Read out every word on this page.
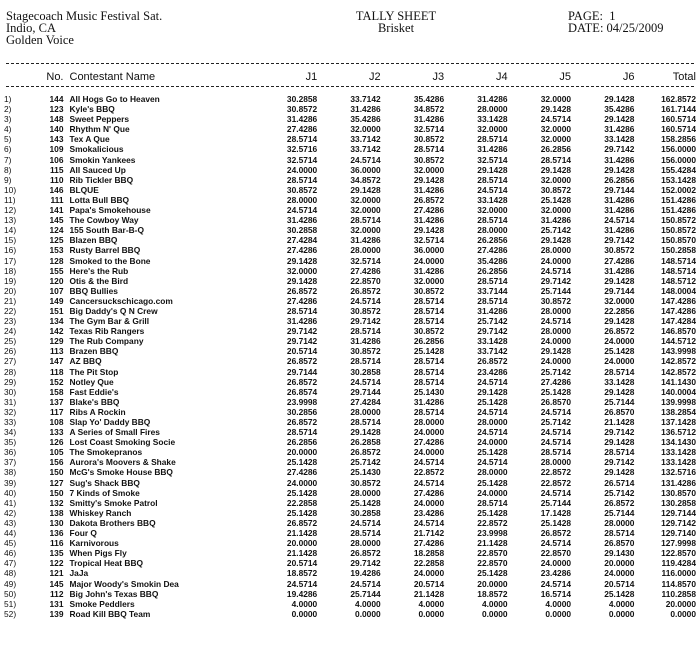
Stagecoach Music Festival Sat.
Indio, CA
Golden Voice
TALLY SHEET
Brisket
PAGE:  1
DATE: 04/25/2009
	No.	Contestant Name	J1	J2	J3	J4	J5	J6	Total

1)	144	All Hogs Go to Heaven	30.2858	33.7142	35.4286	31.4286	32.0000	29.1428	162.8572
2)	123	Kyle's BBQ	30.8572	31.4286	34.8572	28.0000	29.1428	35.4286	161.7144
3)	148	Sweet Peppers	31.4286	35.4286	31.4286	33.1428	24.5714	29.1428	160.5714
4)	140	Rhythm N' Que	27.4286	32.0000	32.5714	32.0000	32.0000	31.4286	160.5714
5)	143	Tex A Que	28.5714	33.7142	30.8572	28.5714	32.0000	33.1428	158.2856
6)	109	Smokalicious	32.5716	33.7142	28.5714	31.4286	26.2856	29.7142	156.0000
7)	106	Smokin Yankees	32.5714	24.5714	30.8572	32.5714	28.5714	31.4286	156.0000
8)	115	All Sauced Up	24.0000	36.0000	32.0000	29.1428	29.1428	29.1428	155.4284
9)	110	Rib Tickler BBQ	28.5714	34.8572	29.1428	28.5714	32.0000	26.2856	153.1428
10)	146	BLQUE	30.8572	29.1428	31.4286	24.5714	30.8572	29.7144	152.0002
11)	111	Lotta Bull BBQ	28.0000	32.0000	26.8572	33.1428	25.1428	31.4286	151.4286
12)	141	Papa's Smokehouse	24.5714	32.0000	27.4286	32.0000	32.0000	31.4286	151.4286
13)	145	The Cowboy Way	31.4286	28.5714	31.4286	28.5714	31.4286	24.5714	150.8572
14)	124	155 South Bar-B-Q	30.2858	32.0000	29.1428	28.0000	25.7142	31.4286	150.8572
15)	125	Blazen BBQ	27.4284	31.4286	32.5714	26.2856	29.1428	29.7142	150.8570
16)	153	Rusty Barrel BBQ	27.4286	28.0000	36.0000	27.4286	28.0000	30.8572	150.2858
17)	128	Smoked to the Bone	29.1428	32.5714	24.0000	35.4286	24.0000	27.4286	148.5714
18)	155	Here's the Rub	32.0000	27.4286	31.4286	26.2856	24.5714	31.4286	148.5714
19)	120	Otis & the Bird	29.1428	22.8570	32.0000	28.5714	29.7142	29.1428	148.5712
20)	107	BBQ Bullies	26.8572	26.8572	30.8572	33.7144	25.7144	29.7144	148.0004
21)	149	Cancersuckschicago.com	27.4286	24.5714	28.5714	28.5714	30.8572	32.0000	147.4286
22)	151	Big Daddy's Q N Crew	28.5714	30.8572	28.5714	31.4286	28.0000	22.2856	147.4286
23)	134	The Gym Bar & Grill	31.4286	29.7142	28.5714	25.7142	24.5714	29.1428	147.4284
24)	142	Texas Rib Rangers	29.7142	28.5714	30.8572	29.7142	28.0000	26.8572	146.8570
25)	129	The Rub Company	29.7142	31.4286	26.2856	33.1428	24.0000	24.0000	144.5712
26)	113	Brazen BBQ	20.5714	30.8572	25.1428	33.7142	29.1428	25.1428	143.9998
27)	147	AZ BBQ	26.8572	28.5714	28.5714	26.8572	24.0000	24.0000	142.8572
28)	118	The Pit Stop	29.7144	30.2858	28.5714	23.4286	25.7142	28.5714	142.8572
29)	152	Notley Que	26.8572	24.5714	28.5714	24.5714	27.4286	33.1428	141.1430
30)	158	Fast Eddie's	26.8574	29.7144	25.1430	29.1428	25.1428	29.1428	140.0004
31)	137	Blake's BBQ	23.9998	27.4284	31.4286	25.1428	26.8570	25.7144	139.9998
32)	117	Ribs A Rockin	30.2856	28.0000	28.5714	24.5714	24.5714	26.8570	138.2854
33)	108	Slap Yo' Daddy BBQ	26.8572	28.5714	28.0000	28.0000	25.7142	21.1428	137.1428
34)	133	A Series of Small Fires	28.5714	29.1428	24.0000	24.5714	24.5714	29.7142	136.5712
35)	126	Lost Coast Smoking Socie	26.2856	26.2858	27.4286	24.0000	24.5714	29.1428	134.1430
36)	105	The Smokepranos	20.0000	26.8572	24.0000	25.1428	28.5714	28.5714	133.1428
37)	156	Aurora's Moovers & Shake	25.1428	25.7142	24.5714	24.5714	28.0000	29.7142	133.1428
38)	150	McG's Smoke House BBQ	27.4286	25.1430	22.8572	28.0000	22.8572	29.1428	132.5716
39)	127	Sug's Shack BBQ	24.0000	30.8572	24.5714	25.1428	22.8572	26.5714	131.4286
40)	150	7 Kinds of Smoke	25.1428	28.0000	27.4286	24.0000	24.5714	25.7142	130.8570
41)	132	Smitty's Smoke Patrol	22.2858	25.1428	24.0000	28.5714	25.7144	26.8572	130.2858
42)	138	Whiskey Ranch	25.1428	30.2858	23.4286	25.1428	17.1428	25.7144	129.7144
43)	130	Dakota Brothers BBQ	26.8572	24.5714	24.5714	22.8572	25.1428	28.0000	129.7142
44)	136	Four Q	21.1428	28.5714	21.7142	23.9998	26.8572	28.5714	129.7140
45)	116	Karnivorous	20.0000	28.0000	27.4286	21.1428	24.5714	26.8570	127.9998
46)	135	When Pigs Fly	21.1428	26.8572	18.2858	22.8570	22.8570	29.1430	122.8570
47)	122	Tropical Heat BBQ	20.5714	29.7142	22.2858	22.8570	24.0000	20.0000	119.4284
48)	121	JaJa	18.8572	19.4286	24.0000	25.1428	23.4286	24.0000	116.0000
49)	145	Major Woody's Smokin Dea	24.5714	24.5714	20.5714	20.0000	24.5714	20.5714	114.8570
50)	112	Big John's Texas BBQ	19.4286	25.7144	21.1428	18.8572	16.5714	25.1428	110.2858
51)	131	Smoke Peddlers	4.0000	4.0000	4.0000	4.0000	4.0000	4.0000	20.0000
52)	139	Road Kill BBQ Team	0.0000	0.0000	0.0000	0.0000	0.0000	0.0000	0.0000
